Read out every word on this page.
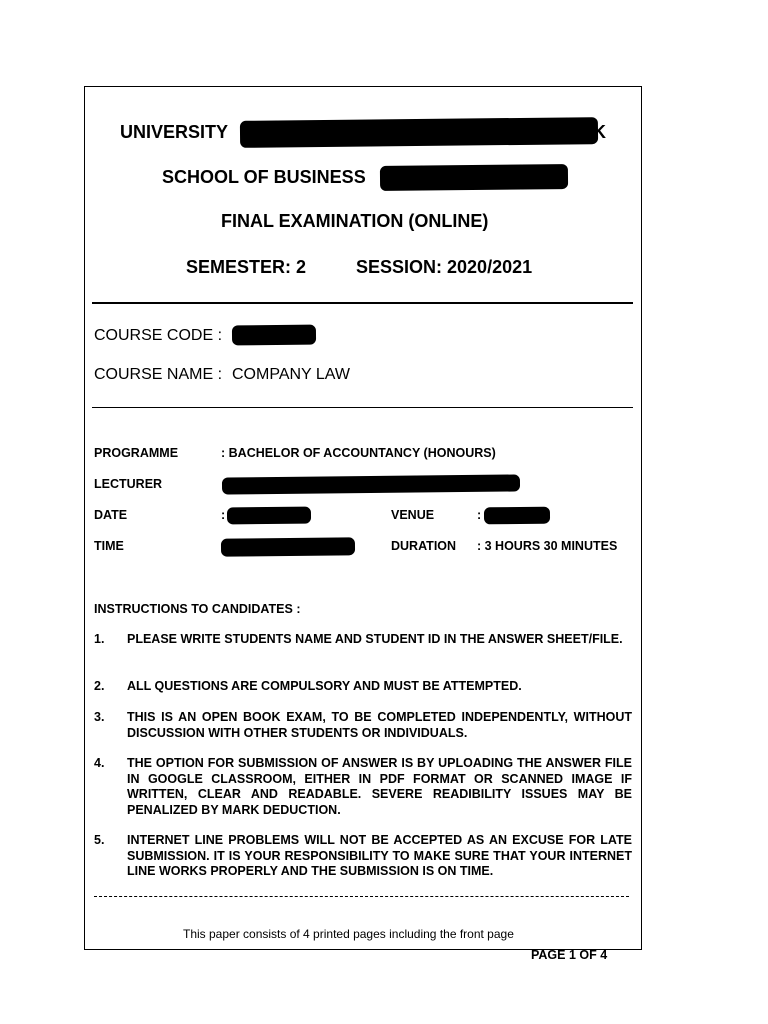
UNIVERSITY	K
SCHOOL OF BUSINESS
FINAL EXAMINATION (ONLINE)
SEMESTER: 2	SESSION: 2020/2021
COURSE CODE :
COURSE NAME : COMPANY LAW
PROGRAMME	: BACHELOR OF ACCOUNTANCY (HONOURS)
LECTURER
DATE	:	VENUE	:
TIME	DURATION : 3 HOURS 30 MINUTES
INSTRUCTIONS TO CANDIDATES :
1. PLEASE WRITE STUDENTS NAME AND STUDENT ID IN THE ANSWER SHEET/FILE.
2. ALL QUESTIONS ARE COMPULSORY AND MUST BE ATTEMPTED.
3. THIS IS AN OPEN BOOK EXAM, TO BE COMPLETED INDEPENDENTLY, WITHOUT DISCUSSION WITH OTHER STUDENTS OR INDIVIDUALS.
4. THE OPTION FOR SUBMISSION OF ANSWER IS BY UPLOADING THE ANSWER FILE IN GOOGLE CLASSROOM, EITHER IN PDF FORMAT OR SCANNED IMAGE IF WRITTEN, CLEAR AND READABLE. SEVERE READIBILITY ISSUES MAY BE PENALIZED BY MARK DEDUCTION.
5. INTERNET LINE PROBLEMS WILL NOT BE ACCEPTED AS AN EXCUSE FOR LATE SUBMISSION. IT IS YOUR RESPONSIBILITY TO MAKE SURE THAT YOUR INTERNET LINE WORKS PROPERLY AND THE SUBMISSION IS ON TIME.
This paper consists of 4 printed pages including the front page
PAGE 1 OF 4
